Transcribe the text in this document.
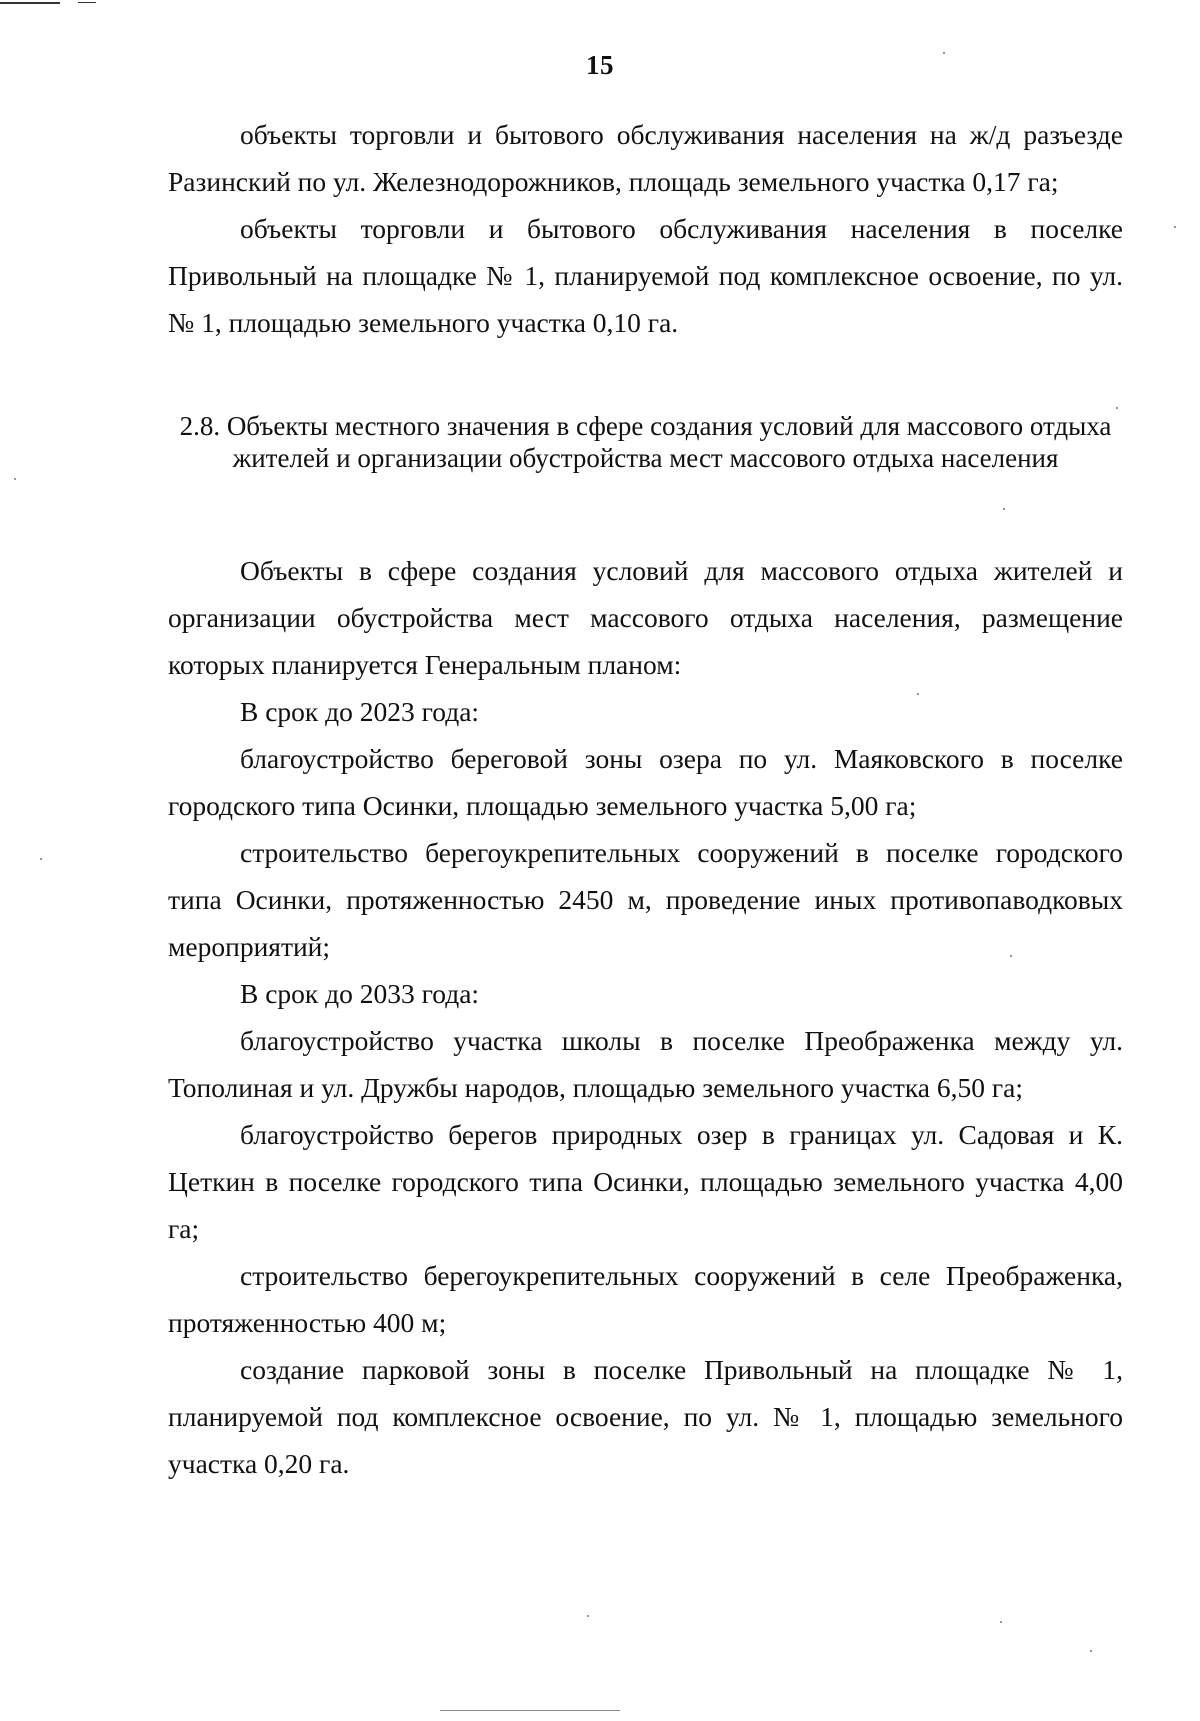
15

объекты торговли и бытового обслуживания населения на ж/д разъезде Разинский по ул. Железнодорожников, площадь земельного участка 0,17 га;

объекты торговли и бытового обслуживания населения в поселке Привольный на площадке № 1, планируемой под комплексное освоение, по ул. № 1, площадью земельного участка 0,10 га.

2.8. Объекты местного значения в сфере создания условий для массового отдыха жителей и организации обустройства мест массового отдыха населения

Объекты в сфере создания условий для массового отдыха жителей и организации обустройства мест массового отдыха населения, размещение которых планируется Генеральным планом:

В срок до 2023 года:

благоустройство береговой зоны озера по ул. Маяковского в поселке городского типа Осинки, площадью земельного участка 5,00 га;

строительство берегоукрепительных сооружений в поселке городского типа Осинки, протяженностью 2450 м, проведение иных противопаводковых мероприятий;

В срок до 2033 года:

благоустройство участка школы в поселке Преображенка между ул. Тополиная и ул. Дружбы народов, площадью земельного участка 6,50 га;

благоустройство берегов природных озер в границах ул. Садовая и К. Цеткин в поселке городского типа Осинки, площадью земельного участка 4,00 га;

строительство берегоукрепительных сооружений в селе Преображенка, протяженностью 400 м;

создание парковой зоны в поселке Привольный на площадке № 1, планируемой под комплексное освоение, по ул. № 1, площадью земельного участка 0,20 га.
